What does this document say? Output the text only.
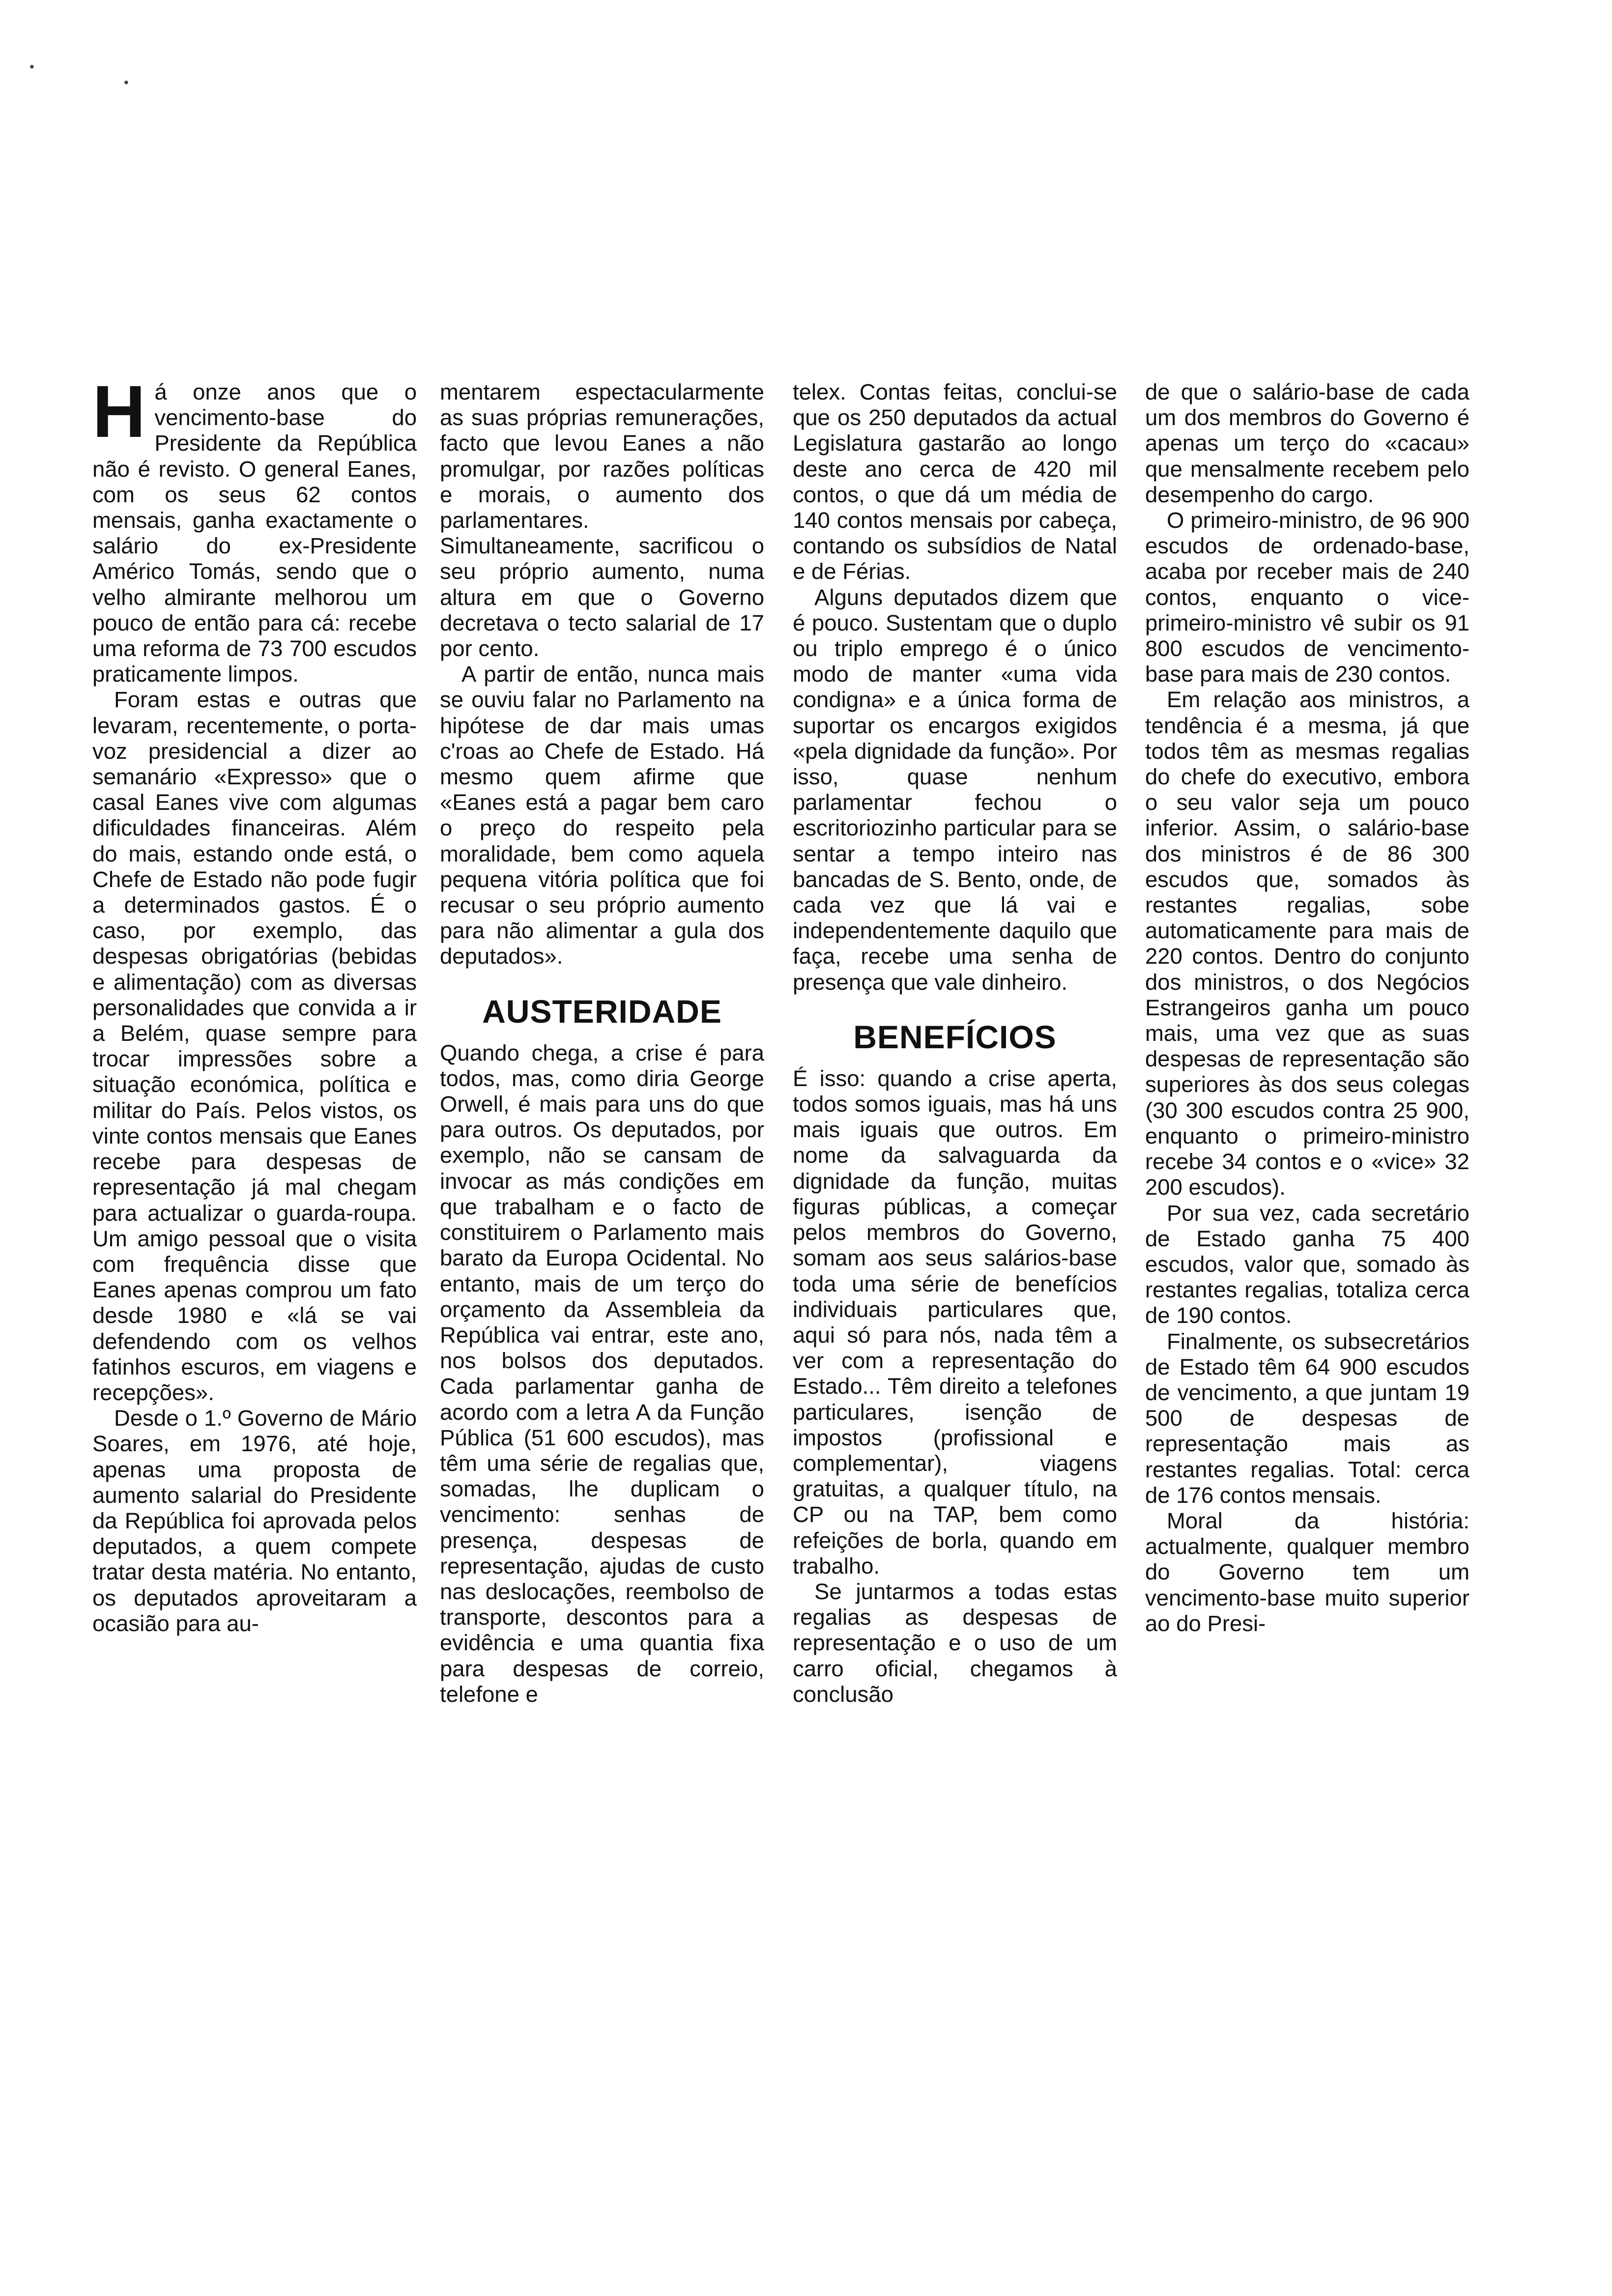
•
•

Há onze anos que o vencimento-base do Presidente da República não é revisto. O general Eanes, com os seus 62 contos mensais, ganha exactamente o salário do ex-Presidente Américo Tomás, sendo que o velho almirante melhorou um pouco de então para cá: recebe uma reforma de 73 700 escudos praticamente limpos.

Foram estas e outras que levaram, recentemente, o porta-voz presidencial a dizer ao semanário «Expresso» que o casal Eanes vive com algumas dificuldades financeiras. Além do mais, estando onde está, o Chefe de Estado não pode fugir a determinados gastos. É o caso, por exemplo, das despesas obrigatórias (bebidas e alimentação) com as diversas personalidades que convida a ir a Belém, quase sempre para trocar impressões sobre a situação económica, política e militar do País. Pelos vistos, os vinte contos mensais que Eanes recebe para despesas de representação já mal chegam para actualizar o guarda-roupa. Um amigo pessoal que o visita com frequência disse que Eanes apenas comprou um fato desde 1980 e «lá se vai defendendo com os velhos fatinhos escuros, em viagens e recepções».

Desde o 1.º Governo de Mário Soares, em 1976, até hoje, apenas uma proposta de aumento salarial do Presidente da República foi aprovada pelos deputados, a quem compete tratar desta matéria. No entanto, os deputados aproveitaram a ocasião para au-

mentarem espectacularmente as suas próprias remunerações, facto que levou Eanes a não promulgar, por razões políticas e morais, o aumento dos parlamentares. Simultaneamente, sacrificou o seu próprio aumento, numa altura em que o Governo decretava o tecto salarial de 17 por cento.

A partir de então, nunca mais se ouviu falar no Parlamento na hipótese de dar mais umas c'roas ao Chefe de Estado. Há mesmo quem afirme que «Eanes está a pagar bem caro o preço do respeito pela moralidade, bem como aquela pequena vitória política que foi recusar o seu próprio aumento para não alimentar a gula dos deputados».

AUSTERIDADE

Quando chega, a crise é para todos, mas, como diria George Orwell, é mais para uns do que para outros. Os deputados, por exemplo, não se cansam de invocar as más condições em que trabalham e o facto de constituirem o Parlamento mais barato da Europa Ocidental. No entanto, mais de um terço do orçamento da Assembleia da República vai entrar, este ano, nos bolsos dos deputados. Cada parlamentar ganha de acordo com a letra A da Função Pública (51 600 escudos), mas têm uma série de regalias que, somadas, lhe duplicam o vencimento: senhas de presença, despesas de representação, ajudas de custo nas deslocações, reembolso de transporte, descontos para a evidência e uma quantia fixa para despesas de correio, telefone e

telex. Contas feitas, conclui-se que os 250 deputados da actual Legislatura gastarão ao longo deste ano cerca de 420 mil contos, o que dá um média de 140 contos mensais por cabeça, contando os subsídios de Natal e de Férias.

Alguns deputados dizem que é pouco. Sustentam que o duplo ou triplo emprego é o único modo de manter «uma vida condigna» e a única forma de suportar os encargos exigidos «pela dignidade da função». Por isso, quase nenhum parlamentar fechou o escritoriozinho particular para se sentar a tempo inteiro nas bancadas de S. Bento, onde, de cada vez que lá vai e independentemente daquilo que faça, recebe uma senha de presença que vale dinheiro.

BENEFÍCIOS

É isso: quando a crise aperta, todos somos iguais, mas há uns mais iguais que outros. Em nome da salvaguarda da dignidade da função, muitas figuras públicas, a começar pelos membros do Governo, somam aos seus salários-base toda uma série de benefícios individuais particulares que, aqui só para nós, nada têm a ver com a representação do Estado... Têm direito a telefones particulares, isenção de impostos (profissional e complementar), viagens gratuitas, a qualquer título, na CP ou na TAP, bem como refeições de borla, quando em trabalho.

Se juntarmos a todas estas regalias as despesas de representação e o uso de um carro oficial, chegamos à conclusão

de que o salário-base de cada um dos membros do Governo é apenas um terço do «cacau» que mensalmente recebem pelo desempenho do cargo.

O primeiro-ministro, de 96 900 escudos de ordenado-base, acaba por receber mais de 240 contos, enquanto o vice-primeiro-ministro vê subir os 91 800 escudos de vencimento-base para mais de 230 contos.

Em relação aos ministros, a tendência é a mesma, já que todos têm as mesmas regalias do chefe do executivo, embora o seu valor seja um pouco inferior. Assim, o salário-base dos ministros é de 86 300 escudos que, somados às restantes regalias, sobe automaticamente para mais de 220 contos. Dentro do conjunto dos ministros, o dos Negócios Estrangeiros ganha um pouco mais, uma vez que as suas despesas de representação são superiores às dos seus colegas (30 300 escudos contra 25 900, enquanto o primeiro-ministro recebe 34 contos e o «vice» 32 200 escudos).

Por sua vez, cada secretário de Estado ganha 75 400 escudos, valor que, somado às restantes regalias, totaliza cerca de 190 contos.

Finalmente, os subsecretários de Estado têm 64 900 escudos de vencimento, a que juntam 19 500 de despesas de representação mais as restantes regalias. Total: cerca de 176 contos mensais.

Moral da história: actualmente, qualquer membro do Governo tem um vencimento-base muito superior ao do Presi-
